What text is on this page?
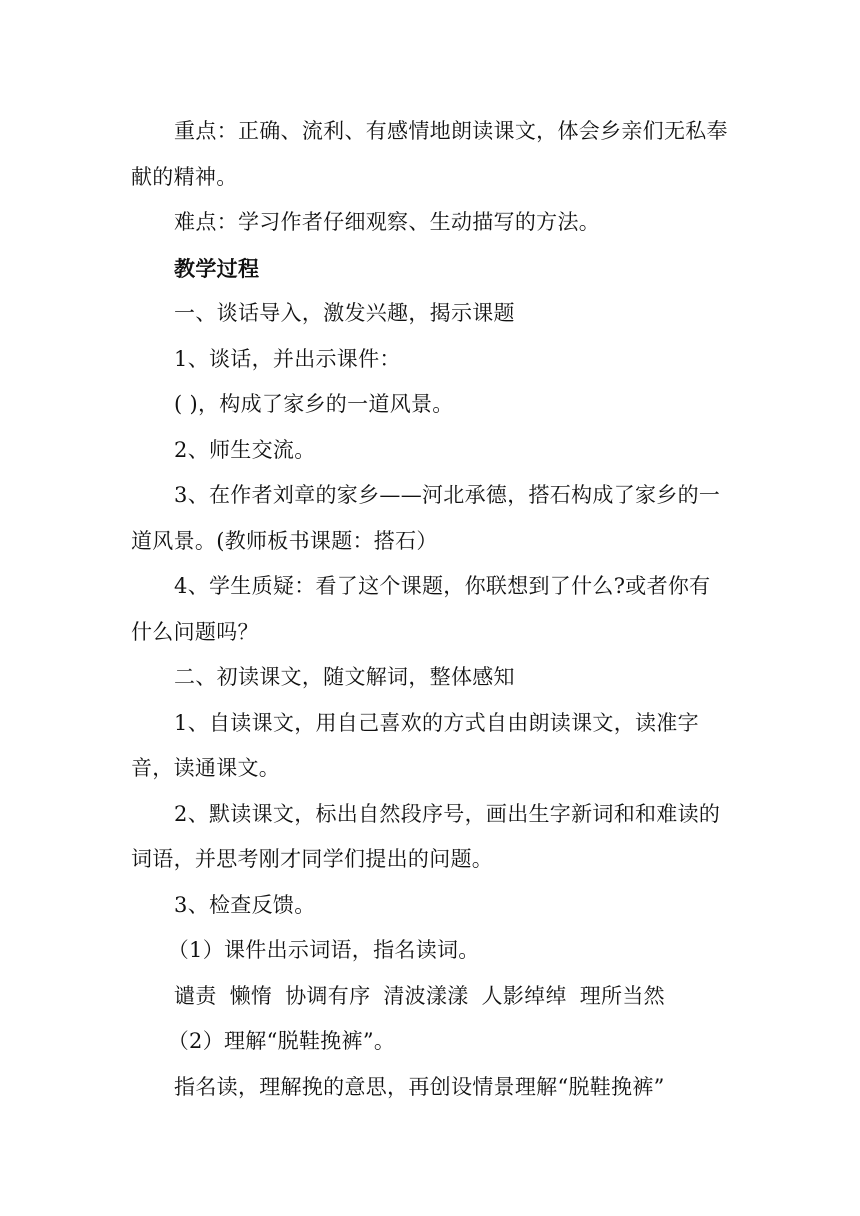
重点：正确、流利、有感情地朗读课文，体会乡亲们无私奉献的精神。

难点：学习作者仔细观察、生动描写的方法。

教学过程

一、谈话导入，激发兴趣，揭示课题

1、谈话，并出示课件：

( )，构成了家乡的一道风景。

2、师生交流。

3、在作者刘章的家乡——河北承德，搭石构成了家乡的一道风景。(教师板书课题：搭石）

4、学生质疑：看了这个课题，你联想到了什么?或者你有什么问题吗？

二、初读课文，随文解词，整体感知

1、自读课文，用自己喜欢的方式自由朗读课文，读准字音，读通课文。

2、默读课文，标出自然段序号，画出生字新词和和难读的词语，并思考刚才同学们提出的问题。

3、检查反馈。

（1）课件出示词语，指名读词。

谴责 懒惰 协调有序 清波漾漾 人影绰绰 理所当然

（2）理解“脱鞋挽裤”。

指名读，理解挽的意思，再创设情景理解“脱鞋挽裤”
